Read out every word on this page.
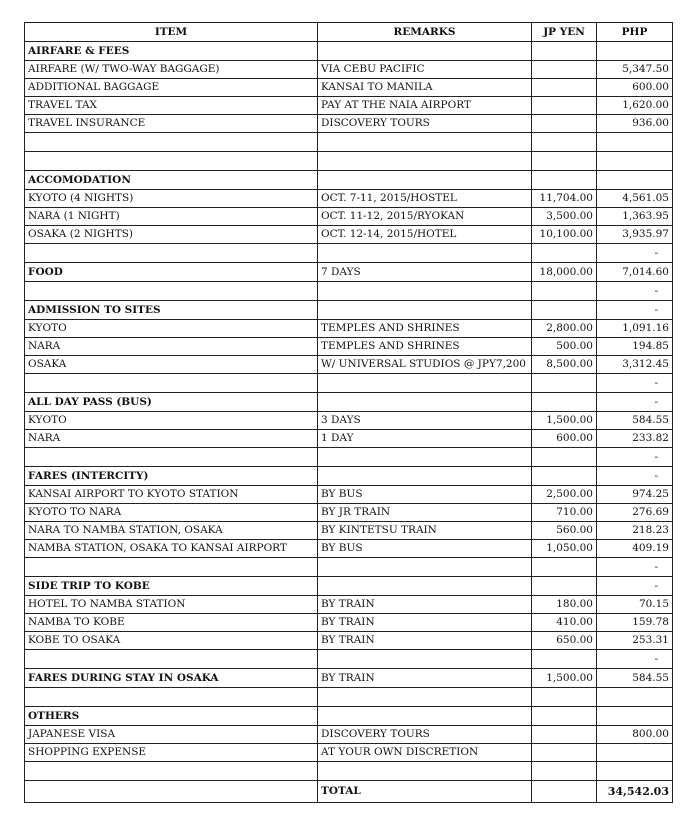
ITEM	REMARKS	JP YEN	PHP
AIRFARE & FEES			
AIRFARE (W/ TWO-WAY BAGGAGE)	VIA CEBU PACIFIC		5,347.50
ADDITIONAL BAGGAGE	KANSAI TO MANILA		600.00
TRAVEL TAX	PAY AT THE NAIA AIRPORT		1,620.00
TRAVEL INSURANCE	DISCOVERY TOURS		936.00

ACCOMODATION			
KYOTO (4 NIGHTS)	OCT. 7-11, 2015/HOSTEL	11,704.00	4,561.05
NARA (1 NIGHT)	OCT. 11-12, 2015/RYOKAN	3,500.00	1,363.95
OSAKA (2 NIGHTS)	OCT. 12-14, 2015/HOTEL	10,100.00	3,935.97
			-
FOOD	7 DAYS	18,000.00	7,014.60
			-
ADMISSION TO SITES			-
KYOTO	TEMPLES AND SHRINES	2,800.00	1,091.16
NARA	TEMPLES AND SHRINES	500.00	194.85
OSAKA	W/ UNIVERSAL STUDIOS @ JPY7,200	8,500.00	3,312.45
			-
ALL DAY PASS (BUS)			-
KYOTO	3 DAYS	1,500.00	584.55
NARA	1 DAY	600.00	233.82
			-
FARES (INTERCITY)			-
KANSAI AIRPORT TO KYOTO STATION	BY BUS	2,500.00	974.25
KYOTO TO NARA	BY JR TRAIN	710.00	276.69
NARA TO NAMBA STATION, OSAKA	BY KINTETSU TRAIN	560.00	218.23
NAMBA STATION, OSAKA TO KANSAI AIRPORT	BY BUS	1,050.00	409.19
			-
SIDE TRIP TO KOBE			-
HOTEL TO NAMBA STATION	BY TRAIN	180.00	70.15
NAMBA TO KOBE	BY TRAIN	410.00	159.78
KOBE TO OSAKA	BY TRAIN	650.00	253.31
			-
FARES DURING STAY IN OSAKA	BY TRAIN	1,500.00	584.55

OTHERS			
JAPANESE VISA	DISCOVERY TOURS		800.00
SHOPPING EXPENSE	AT YOUR OWN DISCRETION		

	TOTAL		34,542.03
